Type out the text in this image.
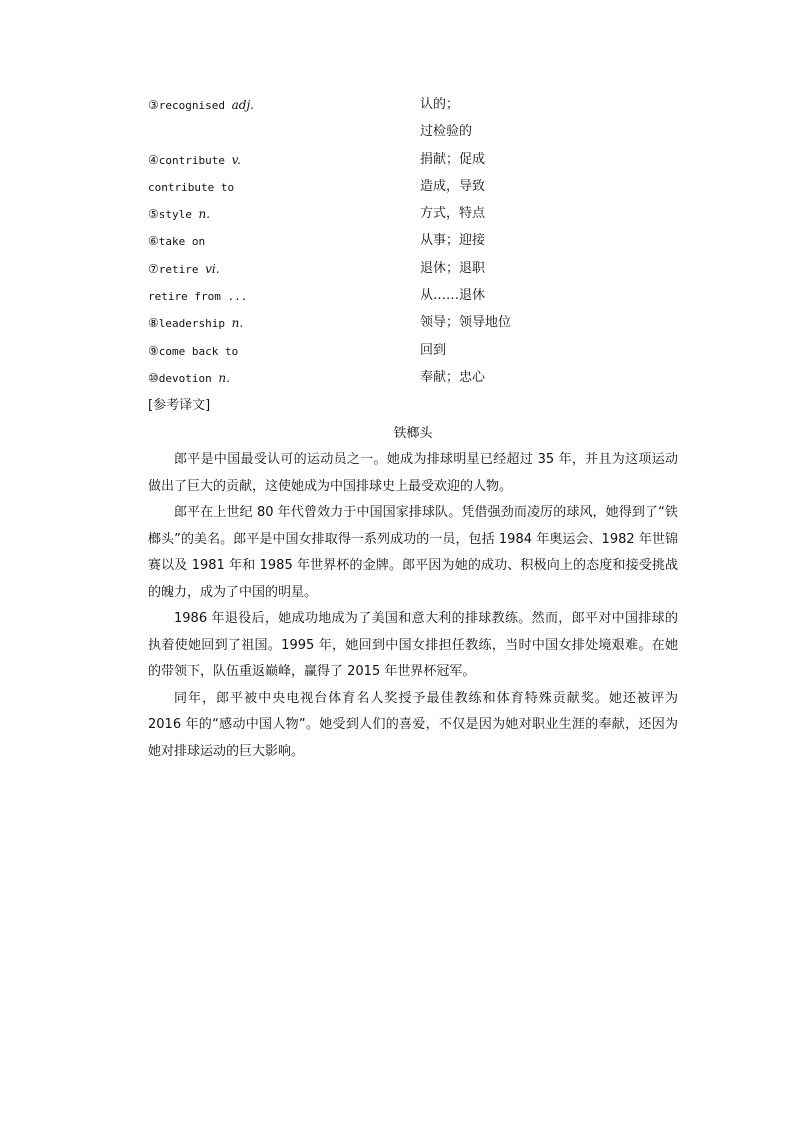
③recognised adj.	认的；
过检验的
④contribute v.	捐献；促成
contribute to	造成，导致
⑤style n.	方式，特点
⑥take on	从事；迎接
⑦retire vi.	退休；退职
retire from ...	从……退休
⑧leadership n.	领导；领导地位
⑨come back to	回到
⑩devotion n.	奉献；忠心
[参考译文]
铁榔头

郎平是中国最受认可的运动员之一。她成为排球明星已经超过 35 年，并且为这项运动做出了巨大的贡献，这使她成为中国排球史上最受欢迎的人物。

郎平在上世纪 80 年代曾效力于中国国家排球队。凭借强劲而凌厉的球风，她得到了“铁榔头”的美名。郎平是中国女排取得一系列成功的一员，包括 1984 年奥运会、1982 年世锦赛以及 1981 年和 1985 年世界杯的金牌。郎平因为她的成功、积极向上的态度和接受挑战的魄力，成为了中国的明星。

1986 年退役后，她成功地成为了美国和意大利的排球教练。然而，郎平对中国排球的执着使她回到了祖国。1995 年，她回到中国女排担任教练，当时中国女排处境艰难。在她的带领下，队伍重返巅峰，赢得了 2015 年世界杯冠军。

同年，郎平被中央电视台体育名人奖授予最佳教练和体育特殊贡献奖。她还被评为 2016 年的“感动中国人物”。她受到人们的喜爱，不仅是因为她对职业生涯的奉献，还因为她对排球运动的巨大影响。
